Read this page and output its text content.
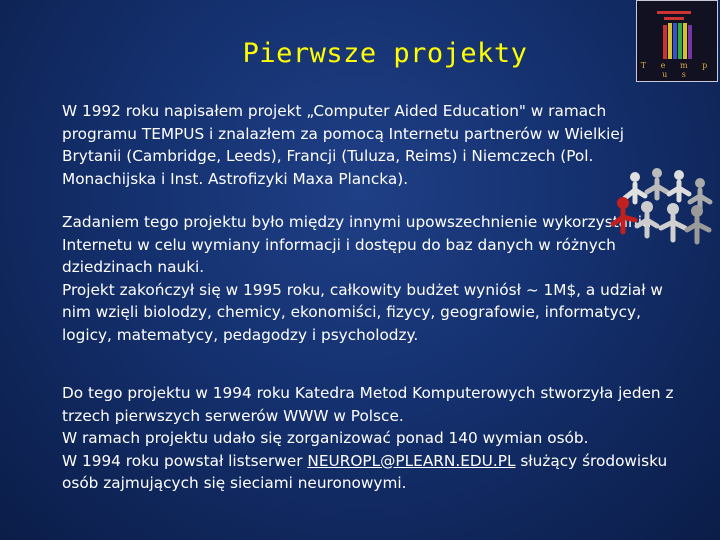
Pierwsze projekty	T e m p u s

W 1992 roku napisałem projekt „Computer Aided Education" w ramach programu TEMPUS i znalazłem za pomocą Internetu partnerów w Wielkiej Brytanii (Cambridge, Leeds), Francji (Tuluza, Reims) i Niemczech (Pol. Monachijska i Inst. Astrofizyki Maxa Plancka).

Zadaniem tego projektu było między innymi upowszechnienie wykorzystania Internetu w celu wymiany informacji i dostępu do baz danych w różnych dziedzinach nauki.

Projekt zakończył się w 1995 roku, całkowity budżet wyniósł ~ 1M$, a udział w nim wzięli biolodzy, chemicy, ekonomiści, fizycy, geografowie, informatycy, logicy, matematycy, pedagodzy i psycholodzy.

Do tego projektu w 1994 roku Katedra Metod Komputerowych stworzyła jeden z trzech pierwszych serwerów WWW w Polsce.

W ramach projektu udało się zorganizować ponad 140 wymian osób.

W 1994 roku powstał listserwer NEUROPL@PLEARN.EDU.PL służący środowisku osób zajmujących się sieciami neuronowymi.
